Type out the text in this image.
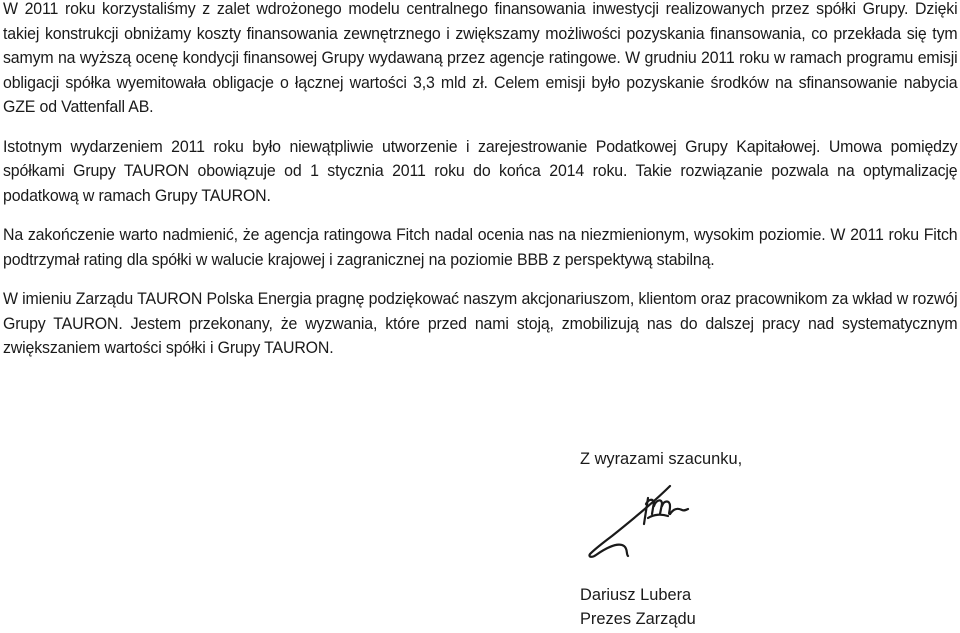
W 2011 roku korzystaliśmy z zalet wdrożonego modelu centralnego finansowania inwestycji realizowanych przez spółki Grupy. Dzięki takiej konstrukcji obniżamy koszty finansowania zewnętrznego i zwiększamy możliwości pozyskania finansowania, co przekłada się tym samym na wyższą ocenę kondycji finansowej Grupy wydawaną przez agencje ratingowe. W grudniu 2011 roku w ramach programu emisji obligacji spółka wyemitowała obligacje o łącznej wartości 3,3 mld zł. Celem emisji było pozyskanie środków na sfinansowanie nabycia GZE od Vattenfall AB.

Istotnym wydarzeniem 2011 roku było niewątpliwie utworzenie i zarejestrowanie Podatkowej Grupy Kapitałowej. Umowa pomiędzy spółkami Grupy TAURON obowiązuje od 1 stycznia 2011 roku do końca 2014 roku. Takie rozwiązanie pozwala na optymalizację podatkową w ramach Grupy TAURON.

Na zakończenie warto nadmienić, że agencja ratingowa Fitch nadal ocenia nas na niezmienionym, wysokim poziomie. W 2011 roku Fitch podtrzymał rating dla spółki w walucie krajowej i zagranicznej na poziomie BBB z perspektywą stabilną.

W imieniu Zarządu TAURON Polska Energia pragnę podziękować naszym akcjonariuszom, klientom oraz pracownikom za wkład w rozwój Grupy TAURON. Jestem przekonany, że wyzwania, które przed nami stoją, zmobilizują nas do dalszej pracy nad systematycznym zwiększaniem wartości spółki i Grupy TAURON.

Z wyrazami szacunku,
Dariusz Lubera
Prezes Zarządu
